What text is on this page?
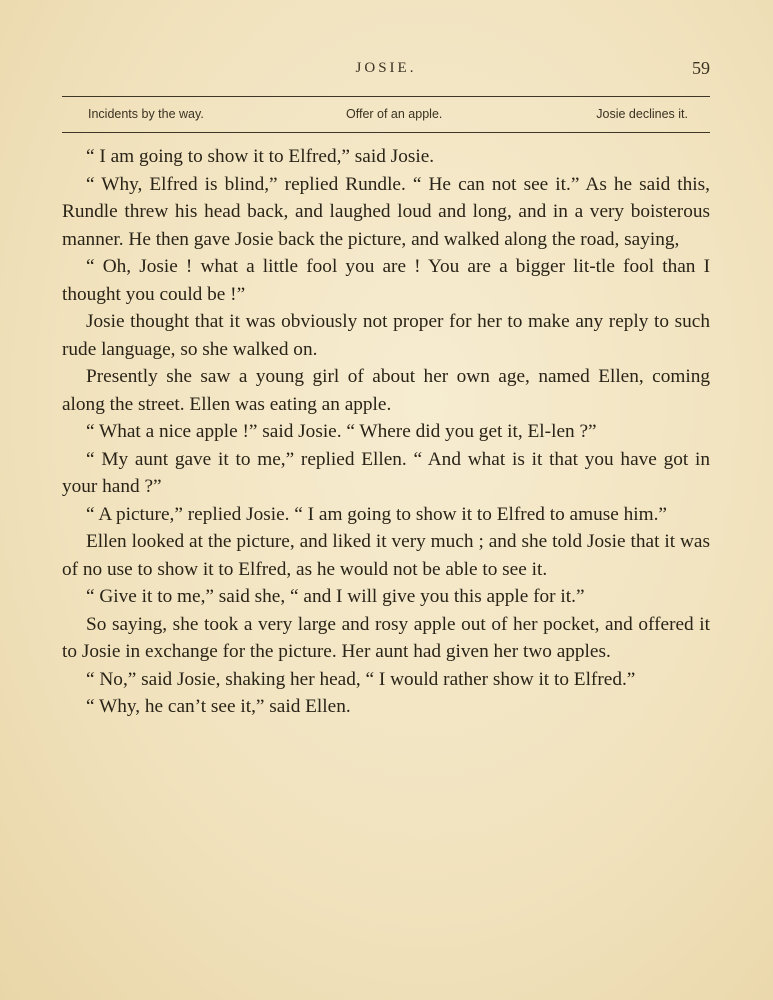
JOSIE.	59
Incidents by the way.	Offer of an apple.	Josie declines it.

“ I am going to show it to Elfred,” said Josie.

“ Why, Elfred is blind,” replied Rundle. “ He can not see it.” As he said this, Rundle threw his head back, and laughed loud and long, and in a very boisterous manner. He then gave Josie back the picture, and walked along the road, saying,

“ Oh, Josie ! what a little fool you are ! You are a bigger lit-tle fool than I thought you could be !”

Josie thought that it was obviously not proper for her to make any reply to such rude language, so she walked on.

Presently she saw a young girl of about her own age, named Ellen, coming along the street. Ellen was eating an apple.

“ What a nice apple !” said Josie. “ Where did you get it, El-len ?”

“ My aunt gave it to me,” replied Ellen. “ And what is it that you have got in your hand ?”

“ A picture,” replied Josie. “ I am going to show it to Elfred to amuse him.”

Ellen looked at the picture, and liked it very much ; and she told Josie that it was of no use to show it to Elfred, as he would not be able to see it.

“ Give it to me,” said she, “ and I will give you this apple for it.”

So saying, she took a very large and rosy apple out of her pocket, and offered it to Josie in exchange for the picture. Her aunt had given her two apples.

“ No,” said Josie, shaking her head, “ I would rather show it to Elfred.”

“ Why, he can’t see it,” said Ellen.
